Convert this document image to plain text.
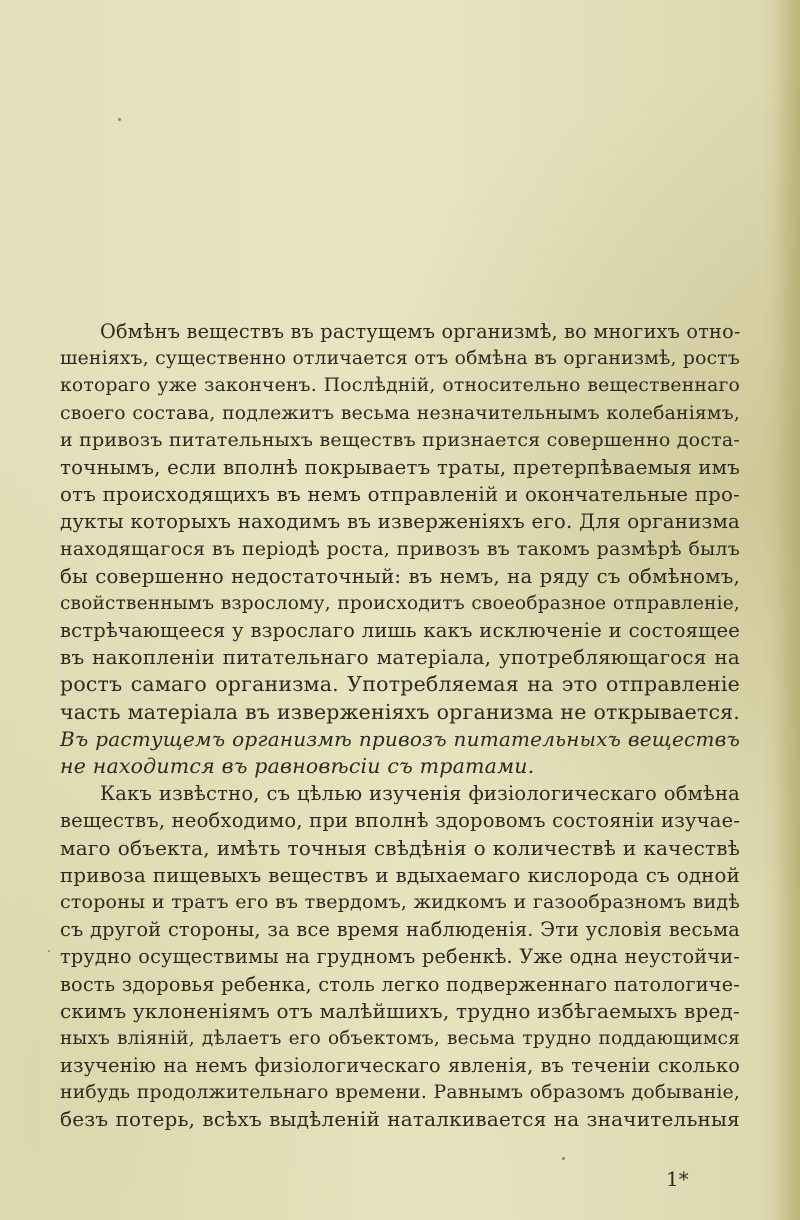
Обмѣнъ веществъ въ растущемъ организмѣ, во многихъ отно-
шеніяхъ, существенно отличается отъ обмѣна въ организмѣ, ростъ
котораго уже законченъ. Послѣдній, относительно вещественнаго
своего состава, подлежитъ весьма незначительнымъ колебаніямъ,
и привозъ питательныхъ веществъ признается совершенно доста-
точнымъ, если вполнѣ покрываетъ траты, претерпѣваемыя имъ
отъ происходящихъ въ немъ отправленій и окончательные про-
дукты которыхъ находимъ въ изверженіяхъ его. Для организма
находящагося въ періодѣ роста, привозъ въ такомъ размѣрѣ былъ
бы совершенно недостаточный: въ немъ, на ряду съ обмѣномъ,
свойственнымъ взрослому, происходитъ своеобразное отправленіе,
встрѣчающееся у взрослаго лишь какъ исключеніе и состоящее
въ накопленіи питательнаго матеріала, употребляющагося на
ростъ самаго организма. Употребляемая на это отправленіе
часть матеріала въ изверженіяхъ организма не открывается.
Въ растущемъ организмѣ привозъ питательныхъ веществъ
не находится въ равновѣсіи съ тратами.
Какъ извѣстно, съ цѣлью изученія физіологическаго обмѣна
веществъ, необходимо, при вполнѣ здоровомъ состояніи изучае-
маго объекта, имѣть точныя свѣдѣнія о количествѣ и качествѣ
привоза пищевыхъ веществъ и вдыхаемаго кислорода съ одной
стороны и тратъ его въ твердомъ, жидкомъ и газообразномъ видѣ
съ другой стороны, за все время наблюденія. Эти условія весьма
трудно осуществимы на грудномъ ребенкѣ. Уже одна неустойчи-
вость здоровья ребенка, столь легко подверженнаго патологиче-
скимъ уклоненіямъ отъ малѣйшихъ, трудно избѣгаемыхъ вред-
ныхъ вліяній, дѣлаетъ его объектомъ, весьма трудно поддающимся
изученію на немъ физіологическаго явленія, въ теченіи сколько
нибудь продолжительнаго времени. Равнымъ образомъ добываніе,
безъ потерь, всѣхъ выдѣленій наталкивается на значительныя
1*
